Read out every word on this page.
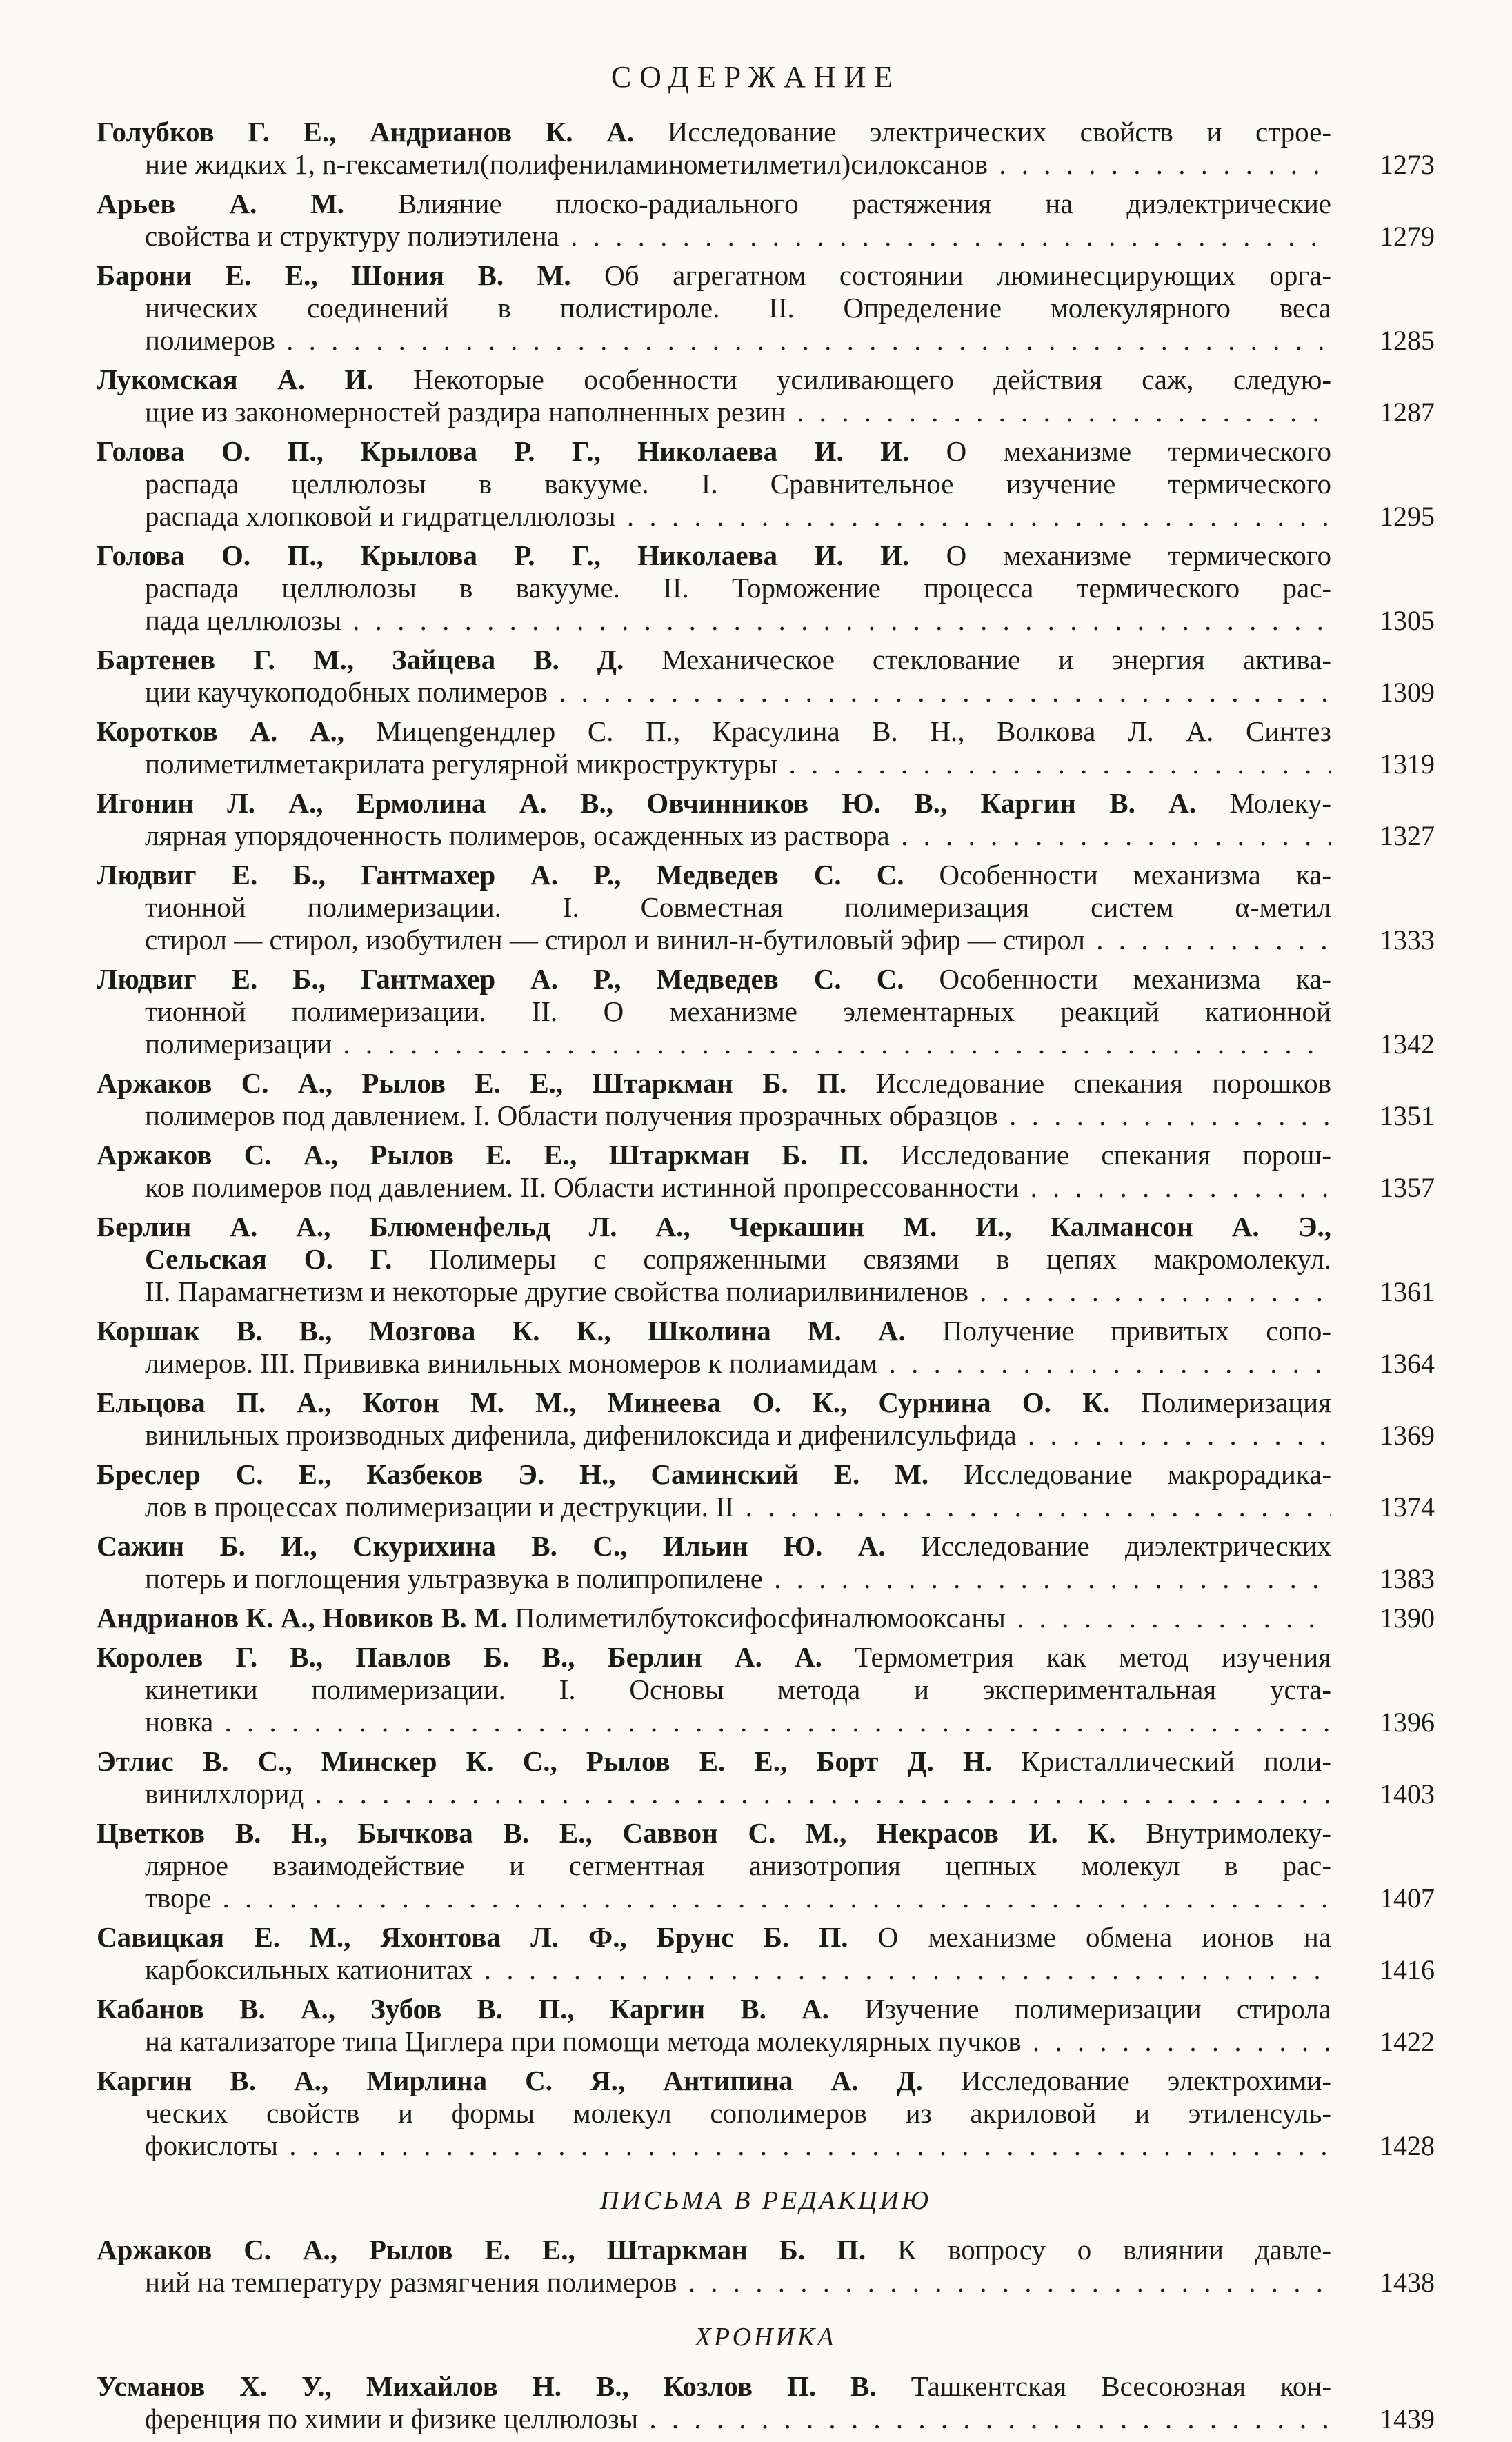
СОДЕРЖАНИЕ
Голубков Г. Е., Андрианов К. А. Исследование электрических свойств и строе-
ние жидких 1, n-гексаметил(полифениламинометилметил)силоксанов . . .	1273
Арьев А. М. Влияние плоско-радиального растяжения на диэлектрические
свойства и структуру полиэтилена . . .	1279
Барони Е. Е., Шония В. М. Об агрегатном состоянии люминесцирующих орга-
нических соединений в полистироле. II. Определение молекулярного веса
полимеров . . .	1285
Лукомская А. И. Некоторые особенности усиливающего действия саж, следую-
щие из закономерностей раздира наполненных резин . . .	1287
Голова О. П., Крылова Р. Г., Николаева И. И. О механизме термического
распада целлюлозы в вакууме. I. Сравнительное изучение термического
распада хлопковой и гидратцеллюлозы . . .	1295
Голова О. П., Крылова Р. Г., Николаева И. И. О механизме термического
распада целлюлозы в вакууме. II. Торможение процесса термического рас-
пада целлюлозы . . .	1305
Бартенев Г. М., Зайцева В. Д. Механическое стеклование и энергия актива-
ции каучукоподобных полимеров . . .	1309
Коротков А. А., Мицengендлер С. П., Красулина В. Н., Волкова Л. А. Синтез
полиметилметакрилата регулярной микроструктуры . . .	1319
Игонин Л. А., Ермолина А. В., Овчинников Ю. В., Каргин В. А. Молеку-
лярная упорядоченность полимеров, осажденных из раствора . . .	1327
Людвиг Е. Б., Гантмахер А. Р., Медведев С. С. Особенности механизма ка-
тионной полимеризации. I. Совместная полимеризация систем α-метил
стирол — стирол, изобутилен — стирол и винил-н-бутиловый эфир — стирол . . .	1333
Людвиг Е. Б., Гантмахер А. Р., Медведев С. С. Особенности механизма ка-
тионной полимеризации. II. О механизме элементарных реакций катионной
полимеризации . . .	1342
Аржаков С. А., Рылов Е. Е., Штаркман Б. П. Исследование спекания порошков
полимеров под давлением. I. Области получения прозрачных образцов . . .	1351
Аржаков С. А., Рылов Е. Е., Штаркман Б. П. Исследование спекания порош-
ков полимеров под давлением. II. Области истинной пропрессованности . . .	1357
Берлин А. А., Блюменфельд Л. А., Черкашин М. И., Калмансон А. Э.,
Сельская О. Г. Полимеры с сопряженными связями в цепях макромолекул.
II. Парамагнетизм и некоторые другие свойства полиарилвиниленов . . .	1361
Коршак В. В., Мозгова К. К., Школина М. А. Получение привитых сопо-
лимеров. III. Прививка винильных мономеров к полиамидам . . .	1364
Ельцова П. А., Котон М. М., Минеева О. К., Сурнина О. К. Полимеризация
винильных производных дифенила, дифенилоксида и дифенилсульфида . . .	1369
Бреслер С. Е., Казбеков Э. Н., Саминский Е. М. Исследование макрорадика-
лов в процессах полимеризации и деструкции. II . . .	1374
Сажин Б. И., Скурихина В. С., Ильин Ю. А. Исследование диэлектрических
потерь и поглощения ультразвука в полипропилене . . .	1383
Андрианов К. А., Новиков В. М. Полиметилбутоксифосфиналюмооксаны . . .	1390
Королев Г. В., Павлов Б. В., Берлин А. А. Термометрия как метод изучения
кинетики полимеризации. I. Основы метода и экспериментальная уста-
новка . . .	1396
Этлис В. С., Минскер К. С., Рылов Е. Е., Борт Д. Н. Кристаллический поли-
винилхлорид . . .	1403
Цветков В. Н., Бычкова В. Е., Саввон С. М., Некрасов И. К. Внутримолеку-
лярное взаимодействие и сегментная анизотропия цепных молекул в рас-
творе . . .	1407
Савицкая Е. М., Яхонтова Л. Ф., Брунс Б. П. О механизме обмена ионов на
карбоксильных катионитах . . .	1416
Кабанов В. А., Зубов В. П., Каргин В. А. Изучение полимеризации стирола
на катализаторе типа Циглера при помощи метода молекулярных пучков . . .	1422
Каргин В. А., Мирлина С. Я., Антипина А. Д. Исследование электрохими-
ческих свойств и формы молекул сополимеров из акриловой и этиленсуль-
фокислоты . . .	1428
ПИСЬМА В РЕДАКЦИЮ
Аржаков С. А., Рылов Е. Е., Штаркман Б. П. К вопросу о влиянии давле-
ний на температуру размягчения полимеров . . .	1438
ХРОНИКА
Усманов Х. У., Михайлов Н. В., Козлов П. В. Ташкентская Всесоюзная кон-
ференция по химии и физике целлюлозы . . .	1439
